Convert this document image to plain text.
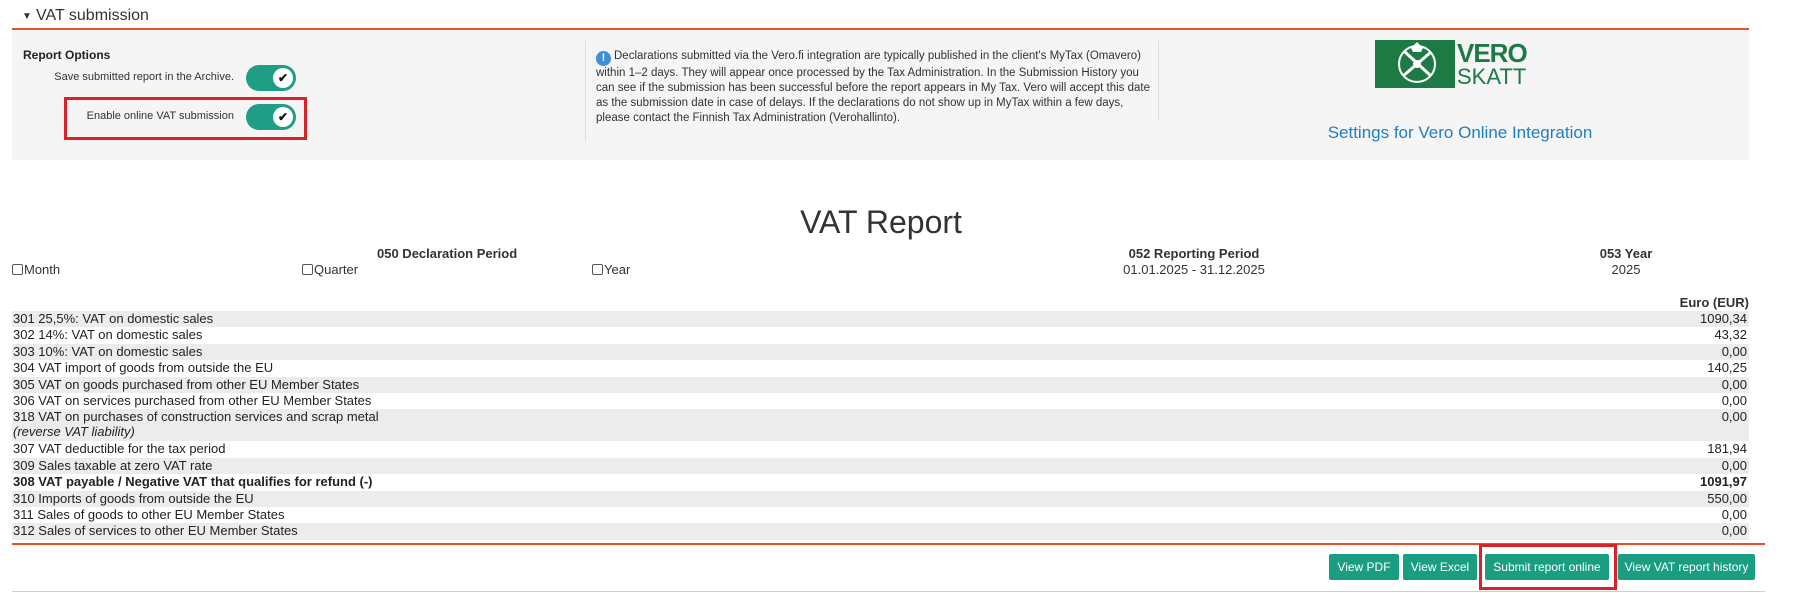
▼ VAT submission
Report Options
Save submitted report in the Archive.	✔
Enable online VAT submission	✔
! Declarations submitted via the Vero.fi integration are typically published in the client's MyTax (Omavero) within 1–2 days. They will appear once processed by the Tax Administration. In the Submission History you can see if the submission has been successful before the report appears in My Tax. Vero will accept this date as the submission date in case of delays. If the declarations do not show up in MyTax within a few days, please contact the Finnish Tax Administration (Verohallinto).
VERO
SKATT
Settings for Vero Online Integration
VAT Report
050 Declaration Period
Month	Quarter	Year
052 Reporting Period
01.01.2025 - 31.12.2025
053 Year
2025
Euro (EUR)
301 25,5%: VAT on domestic sales	1090,34
302 14%: VAT on domestic sales	43,32
303 10%: VAT on domestic sales	0,00
304 VAT import of goods from outside the EU	140,25
305 VAT on goods purchased from other EU Member States	0,00
306 VAT on services purchased from other EU Member States	0,00
318 VAT on purchases of construction services and scrap metal
(reverse VAT liability)
0,00
307 VAT deductible for the tax period	181,94
309 Sales taxable at zero VAT rate	0,00
308 VAT payable / Negative VAT that qualifies for refund (-)	1091,97
310 Imports of goods from outside the EU	550,00
311 Sales of goods to other EU Member States	0,00
312 Sales of services to other EU Member States	0,00
View PDF	View Excel	Submit report online	View VAT report history
